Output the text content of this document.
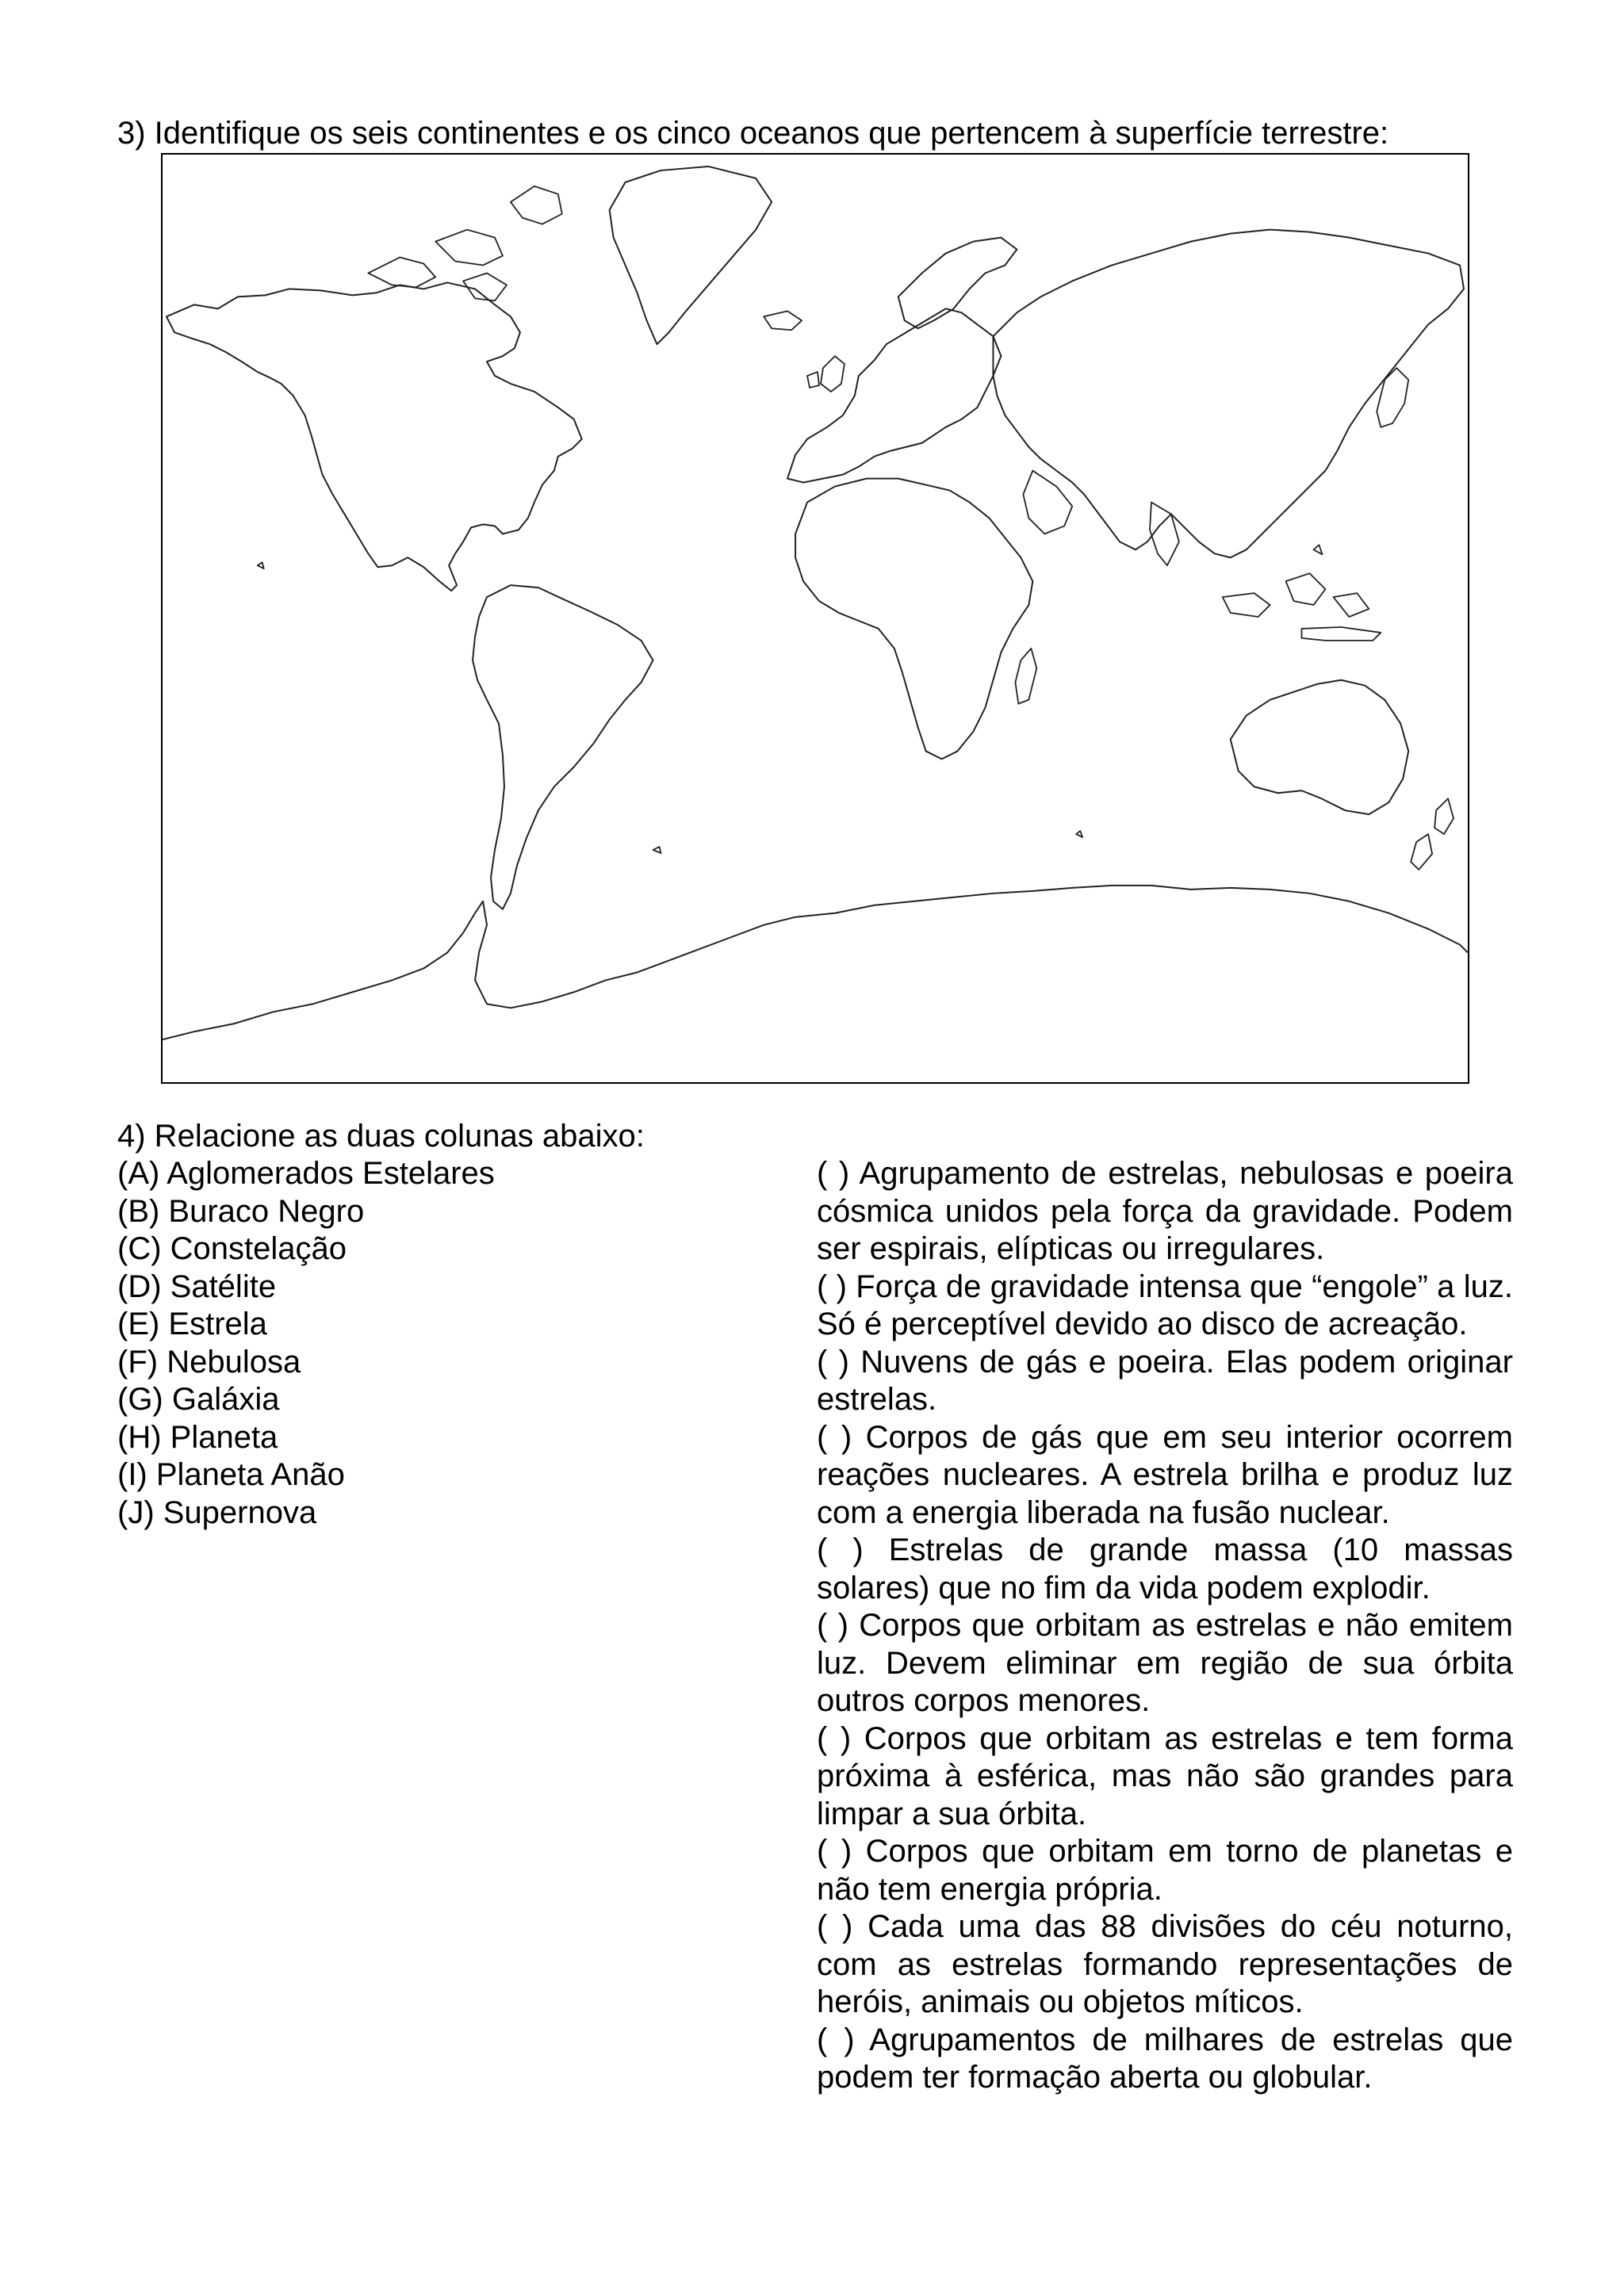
3) Identifique os seis continentes e os cinco oceanos que pertencem à superfície terrestre:
4) Relacione as duas colunas abaixo:
(A) Aglomerados Estelares
(B) Buraco Negro
(C) Constelação
(D) Satélite
(E) Estrela
(F) Nebulosa
(G) Galáxia
(H) Planeta
(I) Planeta Anão
(J) Supernova

( ) Agrupamento de estrelas, nebulosas e poeira cósmica unidos pela força da gravidade. Podem ser espirais, elípticas ou irregulares.

( ) Força de gravidade intensa que “engole” a luz. Só é perceptível devido ao disco de acreação.

( ) Nuvens de gás e poeira. Elas podem originar estrelas.

( ) Corpos de gás que em seu interior ocorrem reações nucleares. A estrela brilha e produz luz com a energia liberada na fusão nuclear.

( ) Estrelas de grande massa (10 massas solares) que no fim da vida podem explodir.

( ) Corpos que orbitam as estrelas e não emitem luz. Devem eliminar em região de sua órbita outros corpos menores.

( ) Corpos que orbitam as estrelas e tem forma próxima à esférica, mas não são grandes para limpar a sua órbita.

( ) Corpos que orbitam em torno de planetas e não tem energia própria.

( ) Cada uma das 88 divisões do céu noturno, com as estrelas formando representações de heróis, animais ou objetos míticos.

( ) Agrupamentos de milhares de estrelas que podem ter formação aberta ou globular.
